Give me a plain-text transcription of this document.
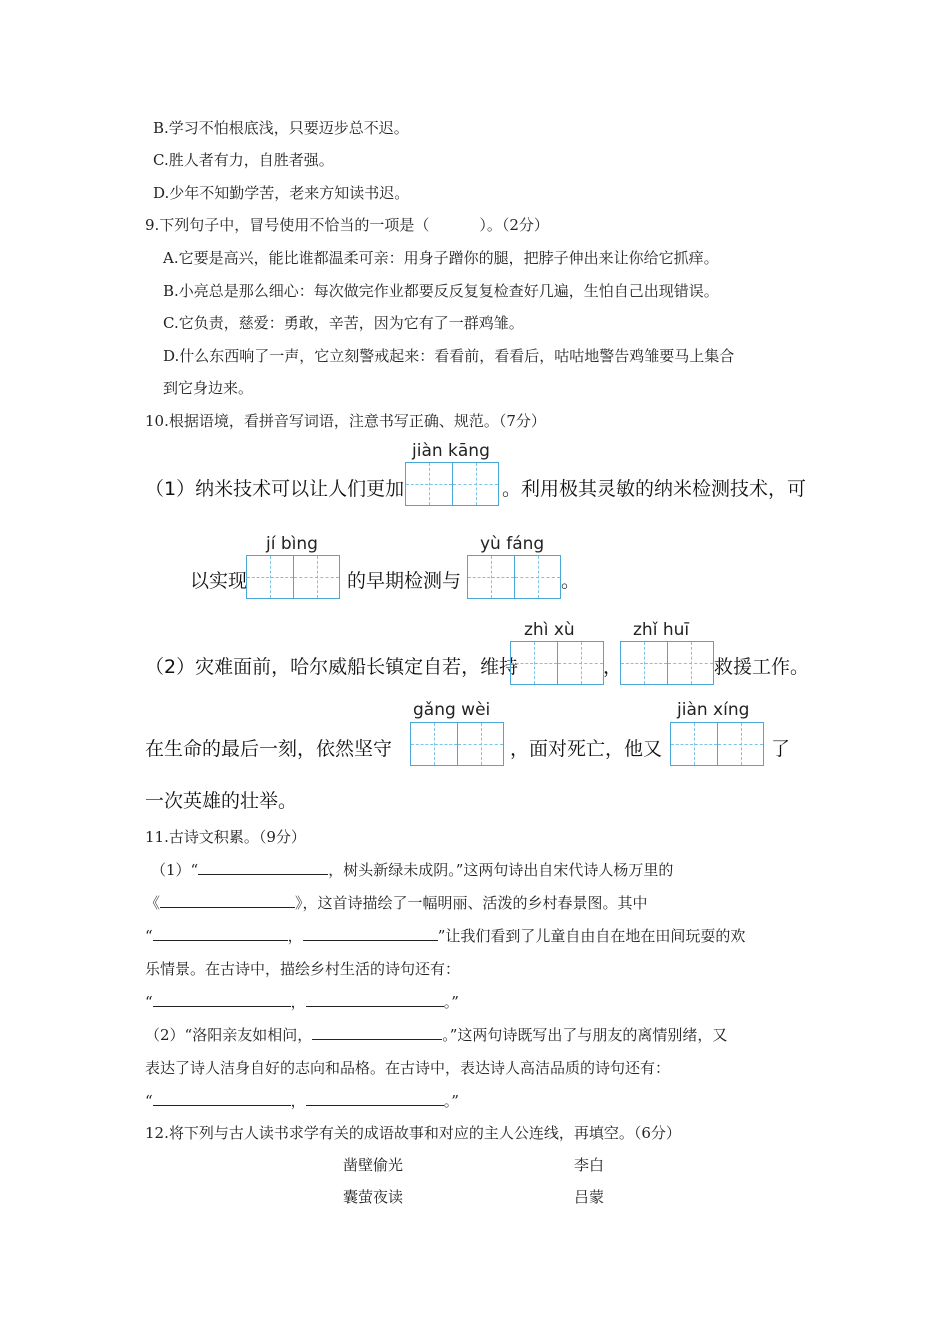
B.学习不怕根底浅，只要迈步总不迟。
C.胜人者有力，自胜者强。
D.少年不知勤学苦，老来方知读书迟。
9.下列句子中，冒号使用不恰当的一项是（	）。（2分）
A.它要是高兴，能比谁都温柔可亲：用身子蹭你的腿，把脖子伸出来让你给它抓痒。
B.小亮总是那么细心：每次做完作业都要反反复复检查好几遍，生怕自己出现错误。
C.它负责，慈爱：勇敢，辛苦，因为它有了一群鸡雏。
D.什么东西响了一声，它立刻警戒起来：看看前，看看后，咕咕地警告鸡雏要马上集合
到它身边来。
10.根据语境，看拼音写词语，注意书写正确、规范。（7分）
jiàn kāng
（1）纳米技术可以让人们更加	。利用极其灵敏的纳米检测技术，可
jí bìng	yù fáng
以实现	的早期检测与	。
zhì xù	zhǐ huī
（2）灾难面前，哈尔威船长镇定自若，维持	，	救援工作。
gǎng wèi	jiàn xíng
在生命的最后一刻，依然坚守	，面对死亡，他又	了
一次英雄的壮举。
11.古诗文积累。（9分）
（1）“	，树头新绿未成阴。”这两句诗出自宋代诗人杨万里的
《	》，这首诗描绘了一幅明丽、活泼的乡村春景图。其中
“	，	”让我们看到了儿童自由自在地在田间玩耍的欢
乐情景。在古诗中，描绘乡村生活的诗句还有：
“	，	。”
（2）“洛阳亲友如相问，	。”这两句诗既写出了与朋友的离情别绪，又
表达了诗人洁身自好的志向和品格。在古诗中，表达诗人高洁品质的诗句还有：
“	，	。”
12.将下列与古人读书求学有关的成语故事和对应的主人公连线，再填空。（6分）
凿壁偷光	李白
囊萤夜读	吕蒙
